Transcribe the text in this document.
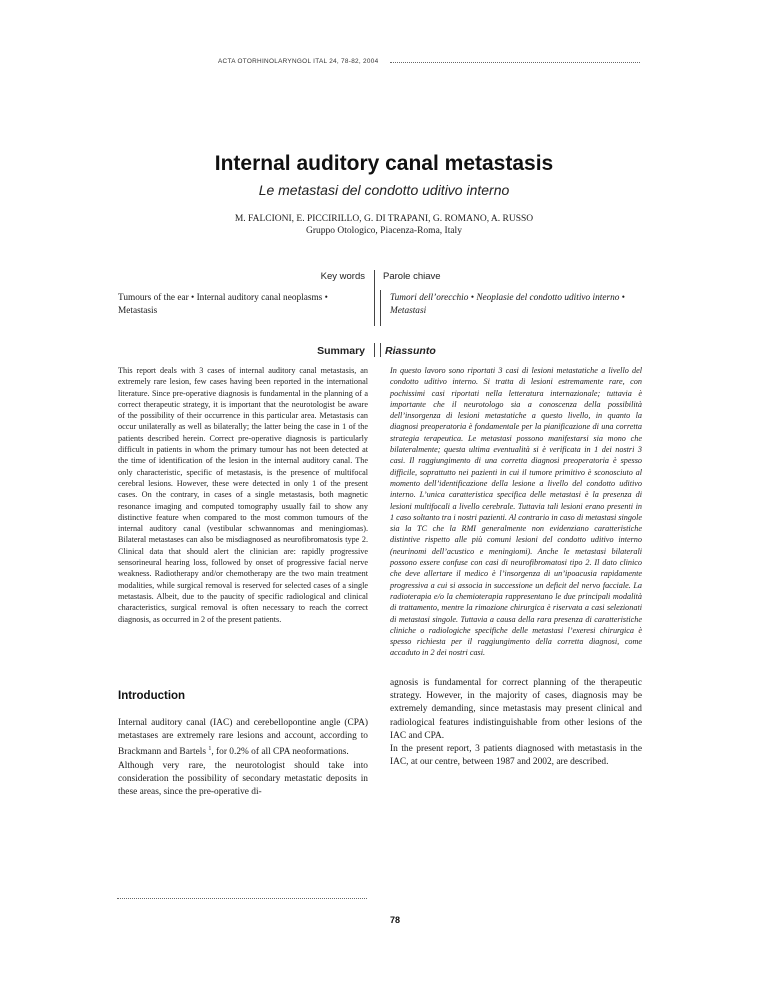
ACTA OTORHINOLARYNGOL ITAL 24, 78-82, 2004
Internal auditory canal metastasis
Le metastasi del condotto uditivo interno
M. FALCIONI, E. PICCIRILLO, G. DI TRAPANI, G. ROMANO, A. RUSSO
Gruppo Otologico, Piacenza-Roma, Italy
Key words Parole chiave
Tumours of the ear • Internal auditory canal neoplasms • Metastasis
Tumori dell’orecchio • Neoplasie del condotto uditivo interno • Metastasi
Summary Riassunto
This report deals with 3 cases of internal auditory canal metastasis, an extremely rare lesion, few cases having been reported in the international literature. Since pre-operative diagnosis is fundamental in the planning of a correct therapeutic strategy, it is important that the neurotologist be aware of the possibility of their occurrence in this particular area. Metastasis can occur unilaterally as well as bilaterally; the latter being the case in 1 of the patients described herein. Correct pre-operative diagnosis is particularly difficult in patients in whom the primary tumour has not been detected at the time of identification of the lesion in the internal auditory canal. The only characteristic, specific of metastasis, is the presence of multifocal cerebral lesions. However, these were detected in only 1 of the present cases. On the contrary, in cases of a single metastasis, both magnetic resonance imaging and computed tomography usually fail to show any distinctive feature when compared to the most common tumours of the internal auditory canal (vestibular schwannomas and meningiomas). Bilateral metastases can also be misdiagnosed as neurofibromatosis type 2. Clinical data that should alert the clinician are: rapidly progressive sensorineural hearing loss, followed by onset of progressive facial nerve weakness. Radiotherapy and/or chemotherapy are the two main treatment modalities, while surgical removal is reserved for selected cases of a single metastasis. Albeit, due to the paucity of specific radiological and clinical characteristics, surgical removal is often necessary to reach the correct diagnosis, as occurred in 2 of the present patients.
In questo lavoro sono riportati 3 casi di lesioni metastatiche a livello del condotto uditivo interno. Si tratta di lesioni estremamente rare, con pochissimi casi riportati nella letteratura internazionale; tuttavia è importante che il neurotologo sia a conoscenza della possibilità dell’insorgenza di lesioni metastatiche a questo livello, in quanto la diagnosi preoperatoria è fondamentale per la pianificazione di una corretta strategia terapeutica. Le metastasi possono manifestarsi sia mono che bilateralmente; questa ultima eventualità si è verificata in 1 dei nostri 3 casi. Il raggiungimento di una corretta diagnosi preoperatoria è spesso difficile, soprattutto nei pazienti in cui il tumore primitivo è sconosciuto al momento dell’identificazione della lesione a livello del condotto uditivo interno. L’unica caratteristica specifica delle metastasi è la presenza di lesioni multifocali a livello cerebrale. Tuttavia tali lesioni erano presenti in 1 caso soltanto tra i nostri pazienti. Al contrario in caso di metastasi singole sia la TC che la RMI generalmente non evidenziano caratteristiche distintive rispetto alle più comuni lesioni del condotto uditivo interno (neurinomi dell’acustico e meningiomi). Anche le metastasi bilaterali possono essere confuse con casi di neurofibromatosi tipo 2. Il dato clinico che deve allertare il medico è l’insorgenza di un’ipoacusia rapidamente progressiva a cui si associa in successione un deficit del nervo facciale. La radioterapia e/o la chemioterapia rappresentano le due principali modalità di trattamento, mentre la rimozione chirurgica è riservata a casi selezionati di metastasi singole. Tuttavia a causa della rara presenza di caratteristiche cliniche o radiologiche specifiche delle metastasi l’exeresi chirurgica è spesso richiesta per il raggiungimento della corretta diagnosi, come accaduto in 2 dei nostri casi.
Introduction

Internal auditory canal (IAC) and cerebellopontine angle (CPA) metastases are extremely rare lesions and account, according to Brackmann and Bartels $^1$, for 0.2% of all CPA neoformations.

Although very rare, the neurotologist should take into consideration the possibility of secondary metastatic deposits in these areas, since the pre-operative di-

agnosis is fundamental for correct planning of the therapeutic strategy. However, in the majority of cases, diagnosis may be extremely demanding, since metastasis may present clinical and radiological features indistinguishable from other lesions of the IAC and CPA.

In the present report, 3 patients diagnosed with metastasis in the IAC, at our centre, between 1987 and 2002, are described.

78
